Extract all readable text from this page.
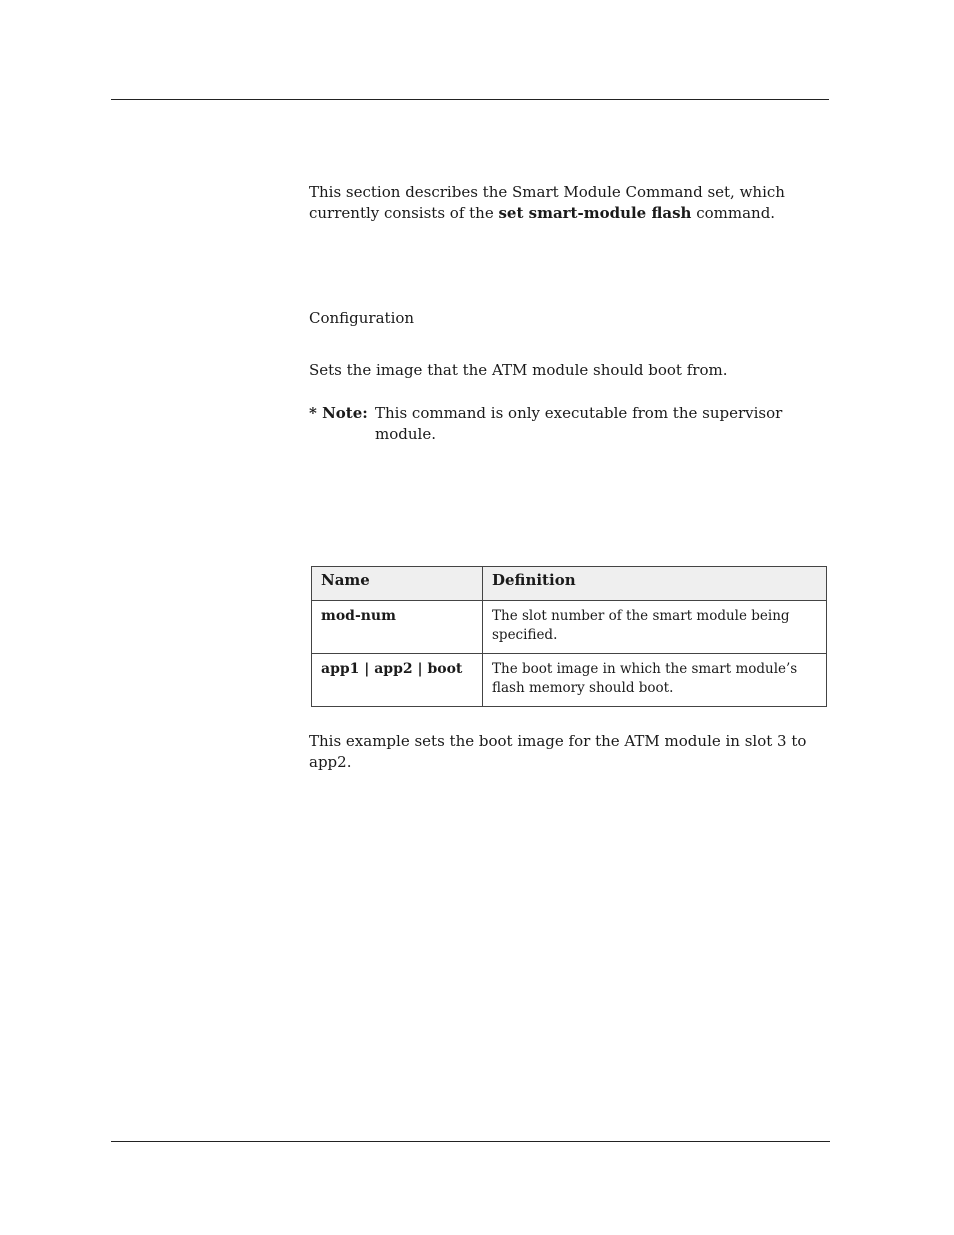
This section describes the Smart Module Command set, which currently consists of the set smart-module flash command.

Configuration

Sets the image that the ATM module should boot from.

* Note: This command is only executable from the supervisor
module.
Name	Definition
mod-num	The slot number of the smart module being specified.
app1 | app2 | boot	The boot image in which the smart module’s flash memory should boot.

This example sets the boot image for the ATM module in slot 3 to app2.
